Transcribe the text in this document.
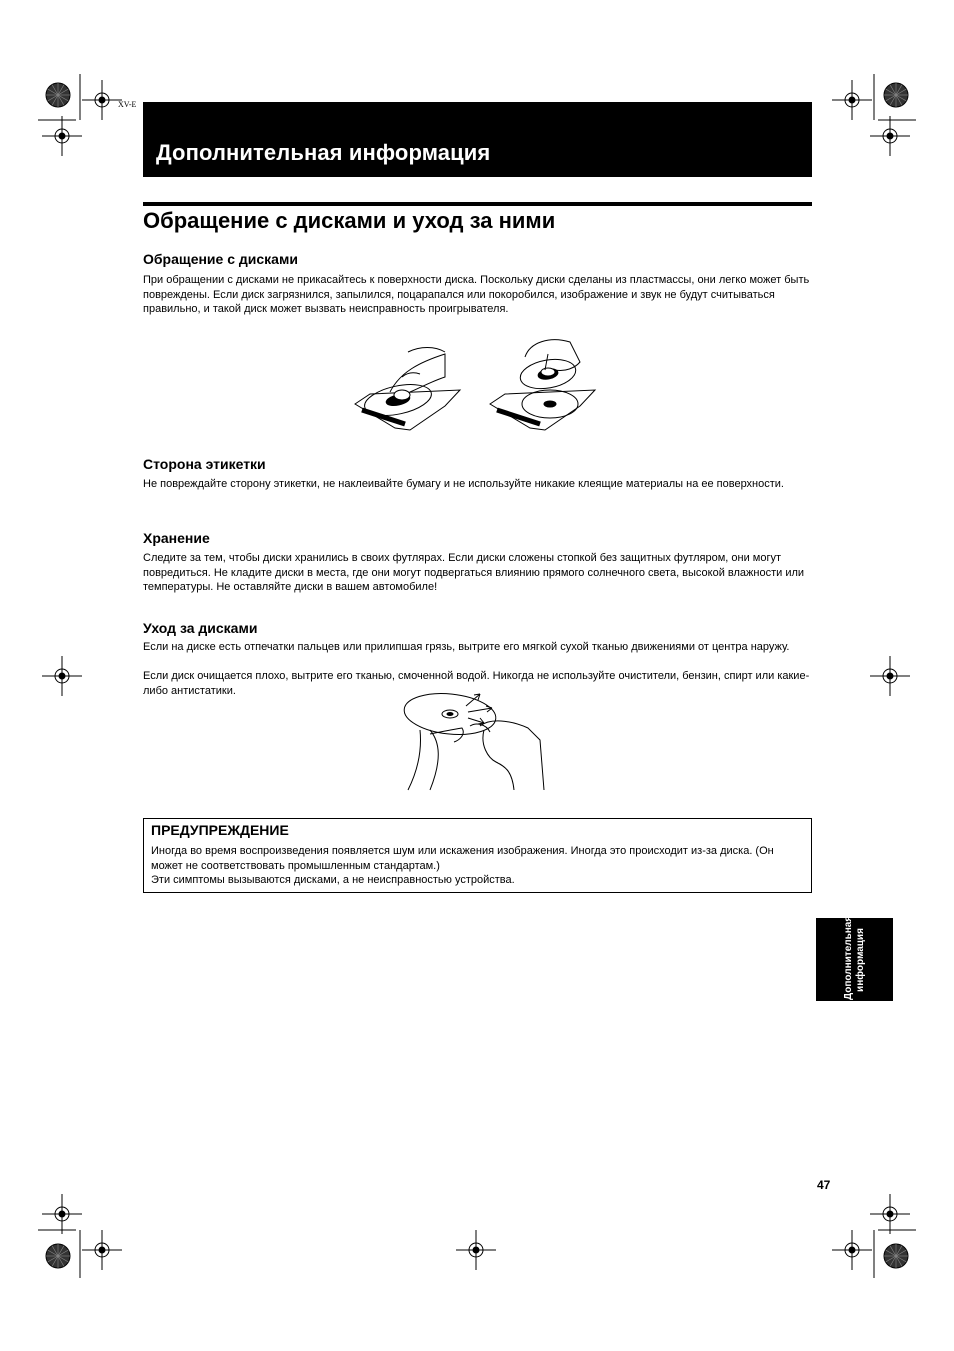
XV-E
Дополнительная информация
Обращение с дисками и уход за ними
Обращение с дисками
При обращении с дисками не прикасайтесь к поверхности диска. Поскольку диски сделаны из пластмассы, они легко может быть повреждены. Если диск загрязнился, запылился, поцарапался или покоробился, изображение и звук не будут считываться правильно, и такой диск может вызвать неисправность проигрывателя.
Сторона этикетки
Не повреждайте сторону этикетки, не наклеивайте бумагу и не используйте никакие клеящие материалы на ее поверхности.
Хранение
Следите за тем, чтобы диски хранились в своих футлярах. Если диски сложены стопкой без защитных футляром, они могут повредиться. Не кладите диски в места, где они могут подвергаться влиянию прямого солнечного света, высокой влажности или температуры. Не оставляйте диски в вашем автомобиле!
Уход за дисками
Если на диске есть отпечатки пальцев или прилипшая грязь, вытрите его мягкой сухой тканью движениями от центра наружу.
Если диск очищается плохо, вытрите его тканью, смоченной водой. Никогда не используйте очистители, бензин, спирт или какие-либо антистатики.
ПРЕДУПРЕЖДЕНИЕ
Иногда во время воспроизведения появляется шум или искажения изображения. Иногда это происходит из-за диска. (Он может не соответствовать промышленным стандартам.)
Эти симптомы вызываются дисками, а не неисправностью устройства.
Дополнительная информация
47
